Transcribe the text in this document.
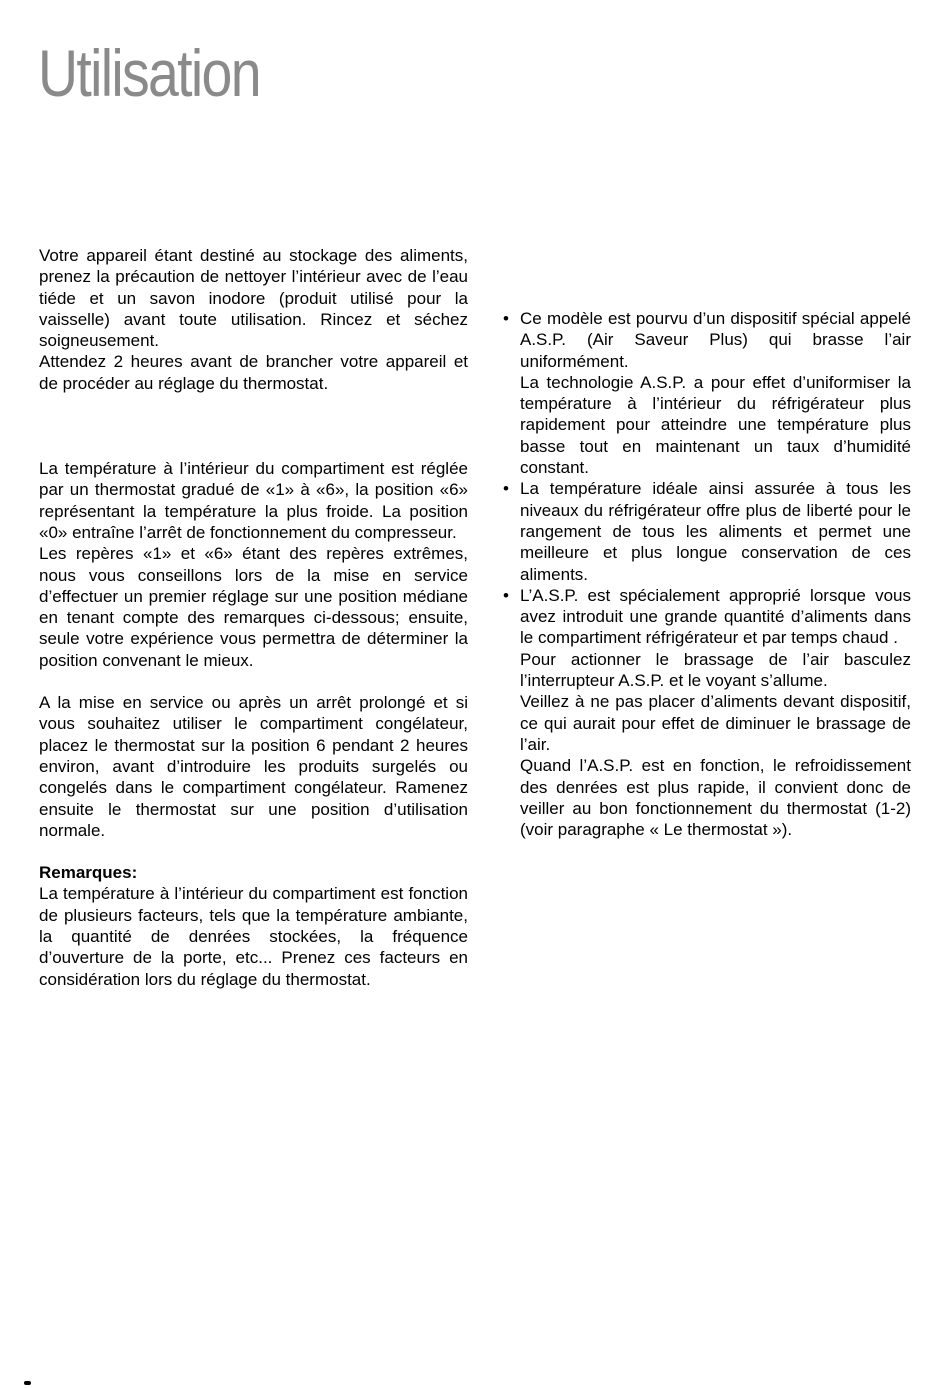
Utilisation

Votre appareil étant destiné au stockage des aliments, prenez la précaution de nettoyer l’intérieur avec de l’eau tiéde et un savon inodore (produit utilisé pour la vaisselle) avant toute utilisation. Rincez et séchez soigneusement.

Attendez 2 heures avant de brancher votre appareil et de procéder au réglage du thermostat.

La température à l’intérieur du compartiment est réglée par un thermostat gradué de «1» à «6», la position «6» représentant la température la plus froide. La position «0» entraîne l’arrêt de fonctionnement du compresseur.

Les repères «1» et «6» étant des repères extrêmes, nous vous conseillons lors de la mise en service d’effectuer un premier réglage sur une position médiane en tenant compte des remarques ci-dessous; ensuite, seule votre expérience vous permettra de déterminer la position convenant le mieux.

A la mise en service ou après un arrêt prolongé et si vous souhaitez utiliser le compartiment congélateur, placez le thermostat sur la position 6 pendant 2 heures environ, avant d’introduire les produits surgelés ou congelés dans le compartiment congélateur. Ramenez ensuite le thermostat sur une position d’utilisation normale.

Remarques:

La température à l’intérieur du compartiment est fonction de plusieurs facteurs, tels que la température ambiante, la quantité de denrées stockées, la fréquence d’ouverture de la porte, etc... Prenez ces facteurs en considération lors du réglage du thermostat.

• Ce modèle est pourvu d’un dispositif spécial appelé A.S.P. (Air Saveur Plus) qui brasse l’air uniformément.

La technologie A.S.P. a pour effet d’uniformiser la température à l’intérieur du réfrigérateur plus rapidement pour atteindre une température plus basse tout en maintenant un taux d’humidité constant.

• La température idéale ainsi assurée à tous les niveaux du réfrigérateur offre plus de liberté pour le rangement de tous les aliments et permet une meilleure et plus longue conservation de ces aliments.

• L’A.S.P. est spécialement approprié lorsque vous avez introduit une grande quantité d’aliments dans le compartiment réfrigérateur et par temps chaud .

Pour actionner le brassage de l’air basculez l’interrupteur A.S.P. et le voyant s’allume.

Veillez à ne pas placer d’aliments devant dispositif, ce qui aurait pour effet de diminuer le brassage de l’air.

Quand l’A.S.P. est en fonction, le refroidissement des denrées est plus rapide, il convient donc de veiller au bon fonctionnement du thermostat (1-2) (voir paragraphe « Le thermostat »).
